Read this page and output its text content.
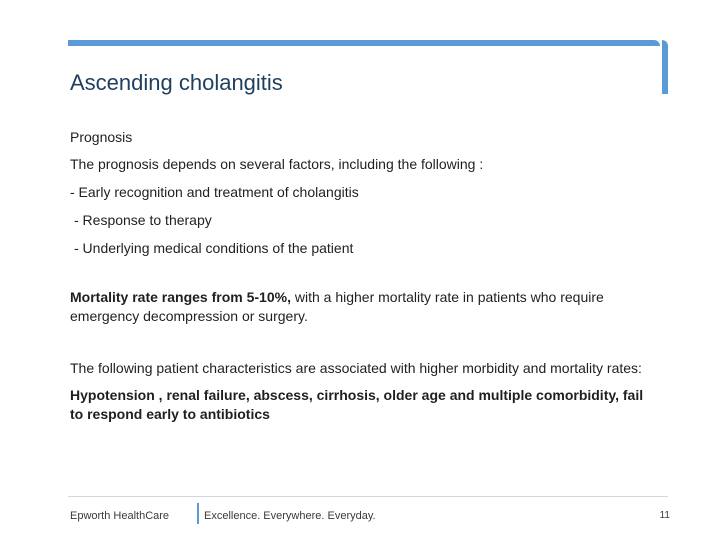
Ascending cholangitis

Prognosis

The prognosis depends on several factors, including the following :

- Early recognition and treatment of cholangitis

- Response to therapy

- Underlying medical conditions of the patient

Mortality rate ranges from 5-10%, with a higher mortality rate in patients who require emergency decompression or surgery.

The following patient characteristics are associated with higher morbidity and mortality rates:

Hypotension , renal failure, abscess, cirrhosis, older age and multiple comorbidity, fail to respond early to antibiotics

Epworth HealthCare	Excellence. Everywhere. Everyday.	11
